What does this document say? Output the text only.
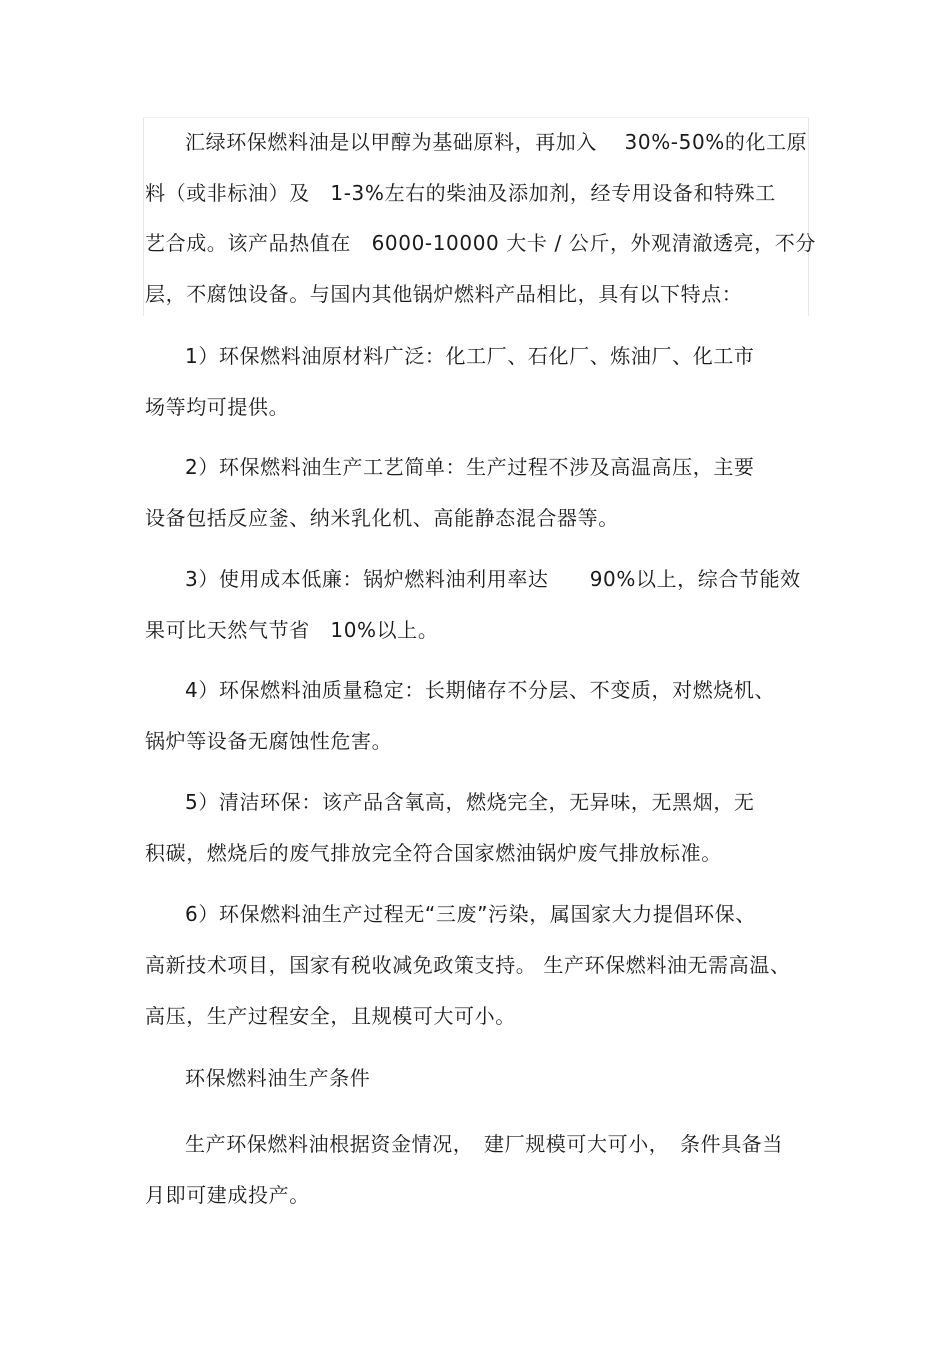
汇绿环保燃料油是以甲醇为基础原料，再加入　 30%-50%的化工原
料（或非标油）及　1-3%左右的柴油及添加剂，经专用设备和特殊工
艺合成。该产品热值在　6000-10000 大卡 / 公斤，外观清澈透亮，不分
层，不腐蚀设备。与国内其他锅炉燃料产品相比，具有以下特点：
1）环保燃料油原材料广泛：化工厂、石化厂、炼油厂、化工市
场等均可提供。
2）环保燃料油生产工艺简单：生产过程不涉及高温高压，主要
设备包括反应釜、纳米乳化机、高能静态混合器等。
3）使用成本低廉：锅炉燃料油利用率达　　90%以上，综合节能效
果可比天然气节省　10%以上。
4）环保燃料油质量稳定：长期储存不分层、不变质，对燃烧机、
锅炉等设备无腐蚀性危害。
5）清洁环保：该产品含氧高，燃烧完全，无异味，无黑烟，无
积碳，燃烧后的废气排放完全符合国家燃油锅炉废气排放标准。
6）环保燃料油生产过程无“三废”污染，属国家大力提倡环保、
高新技术项目，国家有税收减免政策支持。 生产环保燃料油无需高温、
高压，生产过程安全，且规模可大可小。
环保燃料油生产条件
生产环保燃料油根据资金情况，　建厂规模可大可小，　条件具备当
月即可建成投产。
